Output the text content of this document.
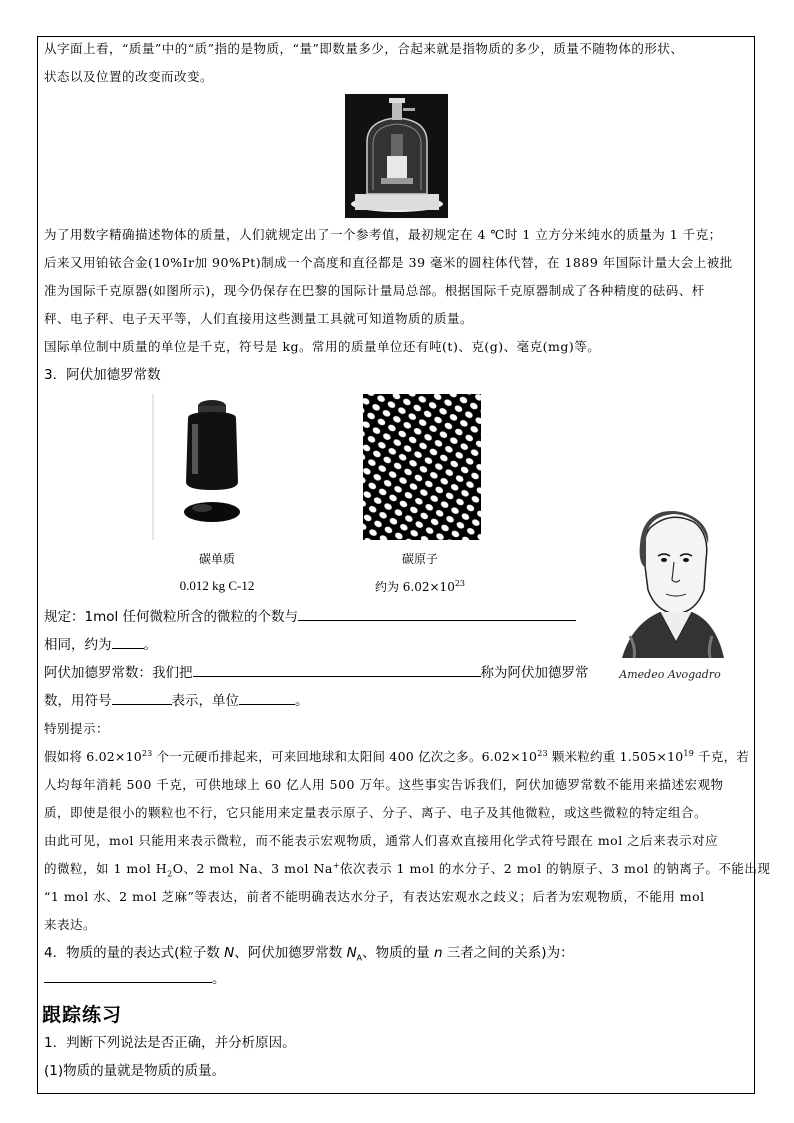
从字面上看，“质量”中的“质”指的是物质，“量”即数量多少，合起来就是指物质的多少，质量不随物体的形状、
状态以及位置的改变而改变。
为了用数字精确描述物体的质量，人们就规定出了一个参考值，最初规定在 4 ℃时 1 立方分米纯水的质量为 1 千克；
后来又用铂铱合金(10%Ir加 90%Pt)制成一个高度和直径都是 39 毫米的圆柱体代替，在 1889 年国际计量大会上被批
准为国际千克原器(如图所示)，现今仍保存在巴黎的国际计量局总部。根据国际千克原器制成了各种精度的砝码、杆
秤、电子秤、电子天平等，人们直接用这些测量工具就可知道物质的质量。
国际单位制中质量的单位是千克，符号是 kg。常用的质量单位还有吨(t)、克(g)、毫克(mg)等。
3．阿伏加德罗常数
碳单质
0.012 kg C-12
碳原子
约为 $6.02\times 10^{23}$
Amedeo Avogadro
规定：1mol 任何微粒所含的微粒的个数与
相同，约为 。
阿伏加德罗常数：我们把	称为阿伏加德罗常
数，用符号	表示，单位	。
特别提示：
假如将 $6.02\times 10^{23}$ 个一元硬币排起来，可来回地球和太阳间 400 亿次之多。$6.02\times 10^{23}$ 颗米粒约重 $1.505\times 10^{19}$ 千克，若
人均每年消耗 500 千克，可供地球上 60 亿人用 500 万年。这些事实告诉我们，阿伏加德罗常数不能用来描述宏观物
质，即使是很小的颗粒也不行，它只能用来定量表示原子、分子、离子、电子及其他微粒，或这些微粒的特定组合。
由此可见，mol 只能用来表示微粒，而不能表示宏观物质，通常人们喜欢直接用化学式符号跟在 mol 之后来表示对应
的微粒，如 1 mol $H_2O$、2 mol Na、3 mol Na+依次表示 1 mol 的水分子、2 mol 的钠原子、3 mol 的钠离子。不能出现
“1 mol 水、2 mol 芝麻”等表达，前者不能明确表达水分子，有表达宏观水之歧义；后者为宏观物质，不能用 mol
来表达。
4．物质的量的表达式(粒子数 N、阿伏加德罗常数 $N_A$、物质的量 n 三者之间的关系)为：
。
跟踪练习
1．判断下列说法是否正确，并分析原因。
(1)物质的量就是物质的质量。
